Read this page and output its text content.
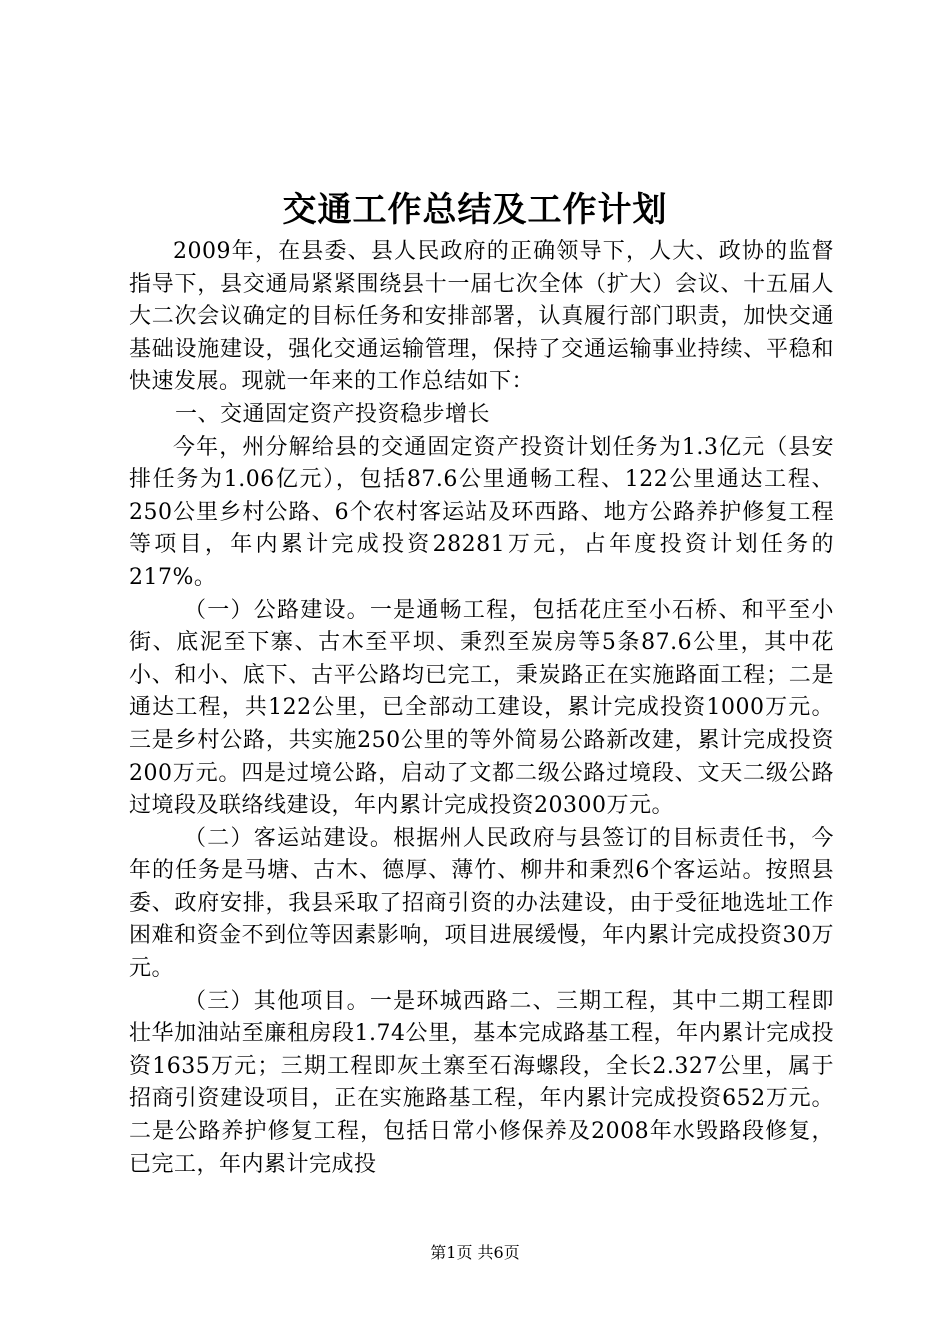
交通工作总结及工作计划

2009年，在县委、县人民政府的正确领导下，人大、政协的监督指导下，县交通局紧紧围绕县十一届七次全体（扩大）会议、十五届人大二次会议确定的目标任务和安排部署，认真履行部门职责，加快交通基础设施建设，强化交通运输管理，保持了交通运输事业持续、平稳和快速发展。现就一年来的工作总结如下：

一、交通固定资产投资稳步增长

今年，州分解给县的交通固定资产投资计划任务为1.3亿元（县安排任务为1.06亿元），包括87.6公里通畅工程、122公里通达工程、250公里乡村公路、6个农村客运站及环西路、地方公路养护修复工程等项目，年内累计完成投资28281万元，占年度投资计划任务的217%。

（一）公路建设。一是通畅工程，包括花庄至小石桥、和平至小街、底泥至下寨、古木至平坝、秉烈至炭房等5条87.6公里，其中花小、和小、底下、古平公路均已完工，秉炭路正在实施路面工程；二是通达工程，共122公里，已全部动工建设，累计完成投资1000万元。三是乡村公路，共实施250公里的等外简易公路新改建，累计完成投资200万元。四是过境公路，启动了文都二级公路过境段、文天二级公路过境段及联络线建设，年内累计完成投资20300万元。

（二）客运站建设。根据州人民政府与县签订的目标责任书，今年的任务是马塘、古木、德厚、薄竹、柳井和秉烈6个客运站。按照县委、政府安排，我县采取了招商引资的办法建设，由于受征地选址工作困难和资金不到位等因素影响，项目进展缓慢，年内累计完成投资30万元。

（三）其他项目。一是环城西路二、三期工程，其中二期工程即壮华加油站至廉租房段1.74公里，基本完成路基工程，年内累计完成投资1635万元；三期工程即灰土寨至石海螺段，全长2.327公里，属于招商引资建设项目，正在实施路基工程，年内累计完成投资652万元。二是公路养护修复工程，包括日常小修保养及2008年水毁路段修复，已完工，年内累计完成投

第1页 共6页
